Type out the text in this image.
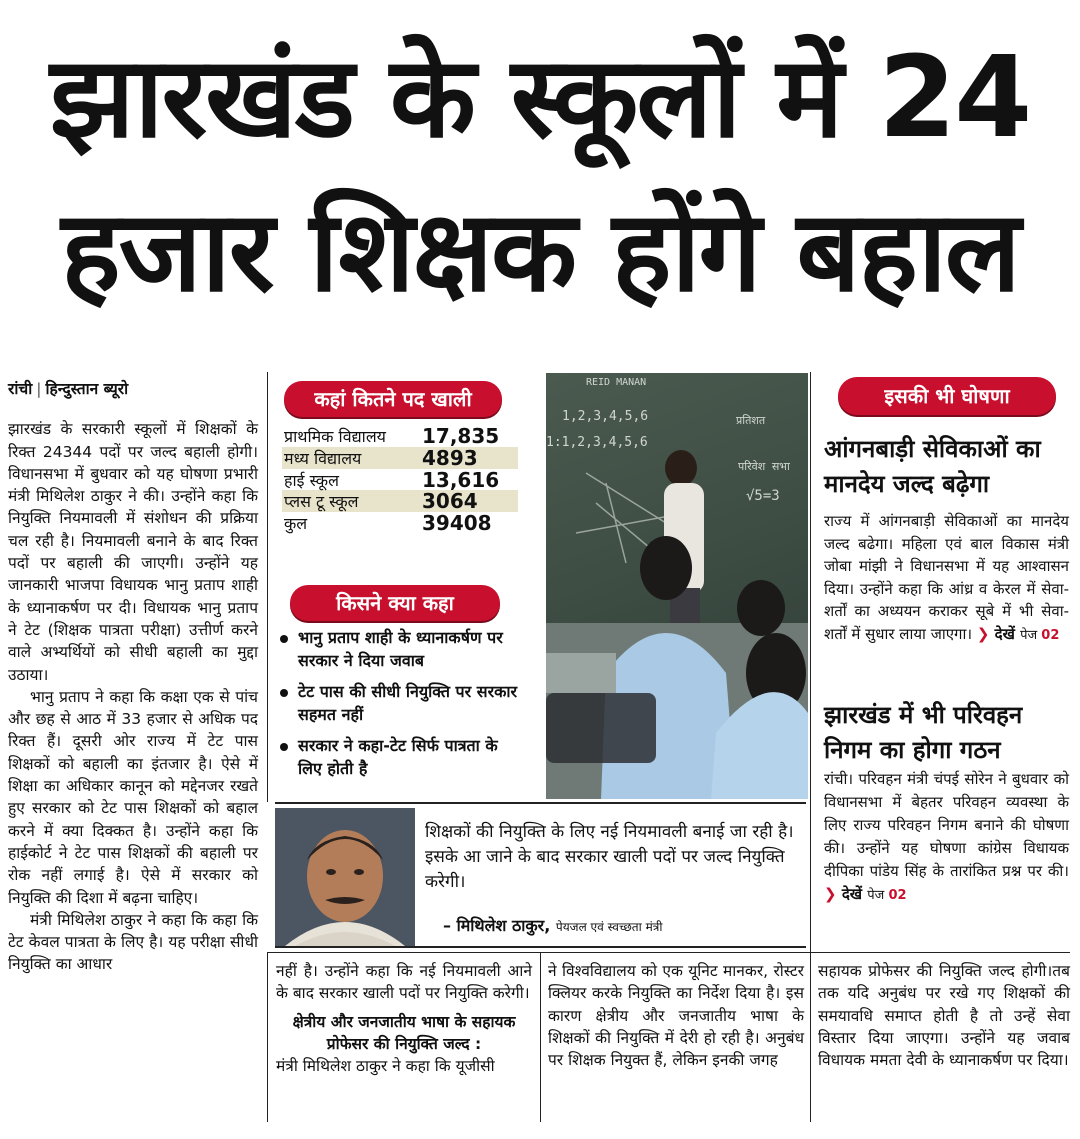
झारखंड के स्कूलों में 24
हजार शिक्षक होंगे बहाल
रांची | हिन्दुस्तान ब्यूरो

झारखंड के सरकारी स्कूलों में शिक्षकों के रिक्त 24344 पदों पर जल्द बहाली होगी। विधानसभा में बुधवार को यह घोषणा प्रभारी मंत्री मिथिलेश ठाकुर ने की। उन्होंने कहा कि नियुक्ति नियमावली में संशोधन की प्रक्रिया चल रही है। नियमावली बनाने के बाद रिक्त पदों पर बहाली की जाएगी। उन्होंने यह जानकारी भाजपा विधायक भानु प्रताप शाही के ध्यानाकर्षण पर दी। विधायक भानु प्रताप ने टेट (शिक्षक पात्रता परीक्षा) उत्तीर्ण करने वाले अभ्यर्थियों को सीधी बहाली का मुद्दा उठाया।

भानु प्रताप ने कहा कि कक्षा एक से पांच और छह से आठ में 33 हजार से अधिक पद रिक्त हैं। दूसरी ओर राज्य में टेट पास शिक्षकों को बहाली का इंतजार है। ऐसे में शिक्षा का अधिकार कानून को मद्देनजर रखते हुए सरकार को टेट पास शिक्षकों को बहाल करने में क्या दिक्कत है। उन्होंने कहा कि हाईकोर्ट ने टेट पास शिक्षकों की बहाली पर रोक नहीं लगाई है। ऐसे में सरकार को नियुक्ति की दिशा में बढ़ना चाहिए।

मंत्री मिथिलेश ठाकुर ने कहा कि कहा कि टेट केवल पात्रता के लिए है। यह परीक्षा सीधी नियुक्ति का आधार

कहां कितने पद खाली
प्राथमिक विद्यालय	17,835
मध्य विद्यालय	4893
हाई स्कूल	13,616
प्लस टू स्कूल	3064
कुल	39408
किसने क्या कहा
भानु प्रताप शाही के ध्यानाकर्षण पर सरकार ने दिया जवाब
टेट पास की सीधी नियुक्ति पर सरकार सहमत नहीं
सरकार ने कहा-टेट सिर्फ पात्रता के लिए होती है
REID MANAN
1,2,3,4,5,6
1:1,2,3,4,5,6
प्रतिशत
परिवेश सभा
√5=3
इसकी भी घोषणा
आंगनबाड़ी सेविकाओं का
मानदेय जल्द बढ़ेगा
राज्य में आंगनबाड़ी सेविकाओं का मानदेय जल्द बढेगा। महिला एवं बाल विकास मंत्री जोबा मांझी ने विधानसभा में यह आश्वासन दिया। उन्होंने कहा कि आंध्र व केरल में सेवा-शर्तों का अध्ययन कराकर सूबे में भी सेवा-शर्तों में सुधार लाया जाएगा। ❯ देखें पेज 02
झारखंड में भी परिवहन
निगम का होगा गठन
रांची। परिवहन मंत्री चंपई सोरेन ने बुधवार को विधानसभा में बेहतर परिवहन व्यवस्था के लिए राज्य परिवहन निगम बनाने की घोषणा की। उन्होंने यह घोषणा कांग्रेस विधायक दीपिका पांडेय सिंह के तारांकित प्रश्न पर की। ❯ देखें पेज 02
शिक्षकों की नियुक्ति के लिए नई नियमावली बनाई जा रही है। इसके आ जाने के बाद सरकार खाली पदों पर जल्द नियुक्ति करेगी।
– मिथिलेश ठाकुर, पेयजल एवं स्वच्छता मंत्री

नहीं है। उन्होंने कहा कि नई नियमावली आने के बाद सरकार खाली पदों पर नियुक्ति करेगी।

क्षेत्रीय और जनजातीय भाषा के सहायक प्रोफेसर की नियुक्ति जल्द :

मंत्री मिथिलेश ठाकुर ने कहा कि यूजीसी

ने विश्वविद्यालय को एक यूनिट मानकर, रोस्टर क्लियर करके नियुक्ति का निर्देश दिया है। इस कारण क्षेत्रीय और जनजातीय भाषा के शिक्षकों की नियुक्ति में देरी हो रही है। अनुबंध पर शिक्षक नियुक्त हैं, लेकिन इनकी जगह

सहायक प्रोफेसर की नियुक्ति जल्द होगी।तब तक यदि अनुबंध पर रखे गए शिक्षकों की समयावधि समाप्त होती है तो उन्हें सेवा विस्तार दिया जाएगा। उन्होंने यह जवाब विधायक ममता देवी के ध्यानाकर्षण पर दिया।
